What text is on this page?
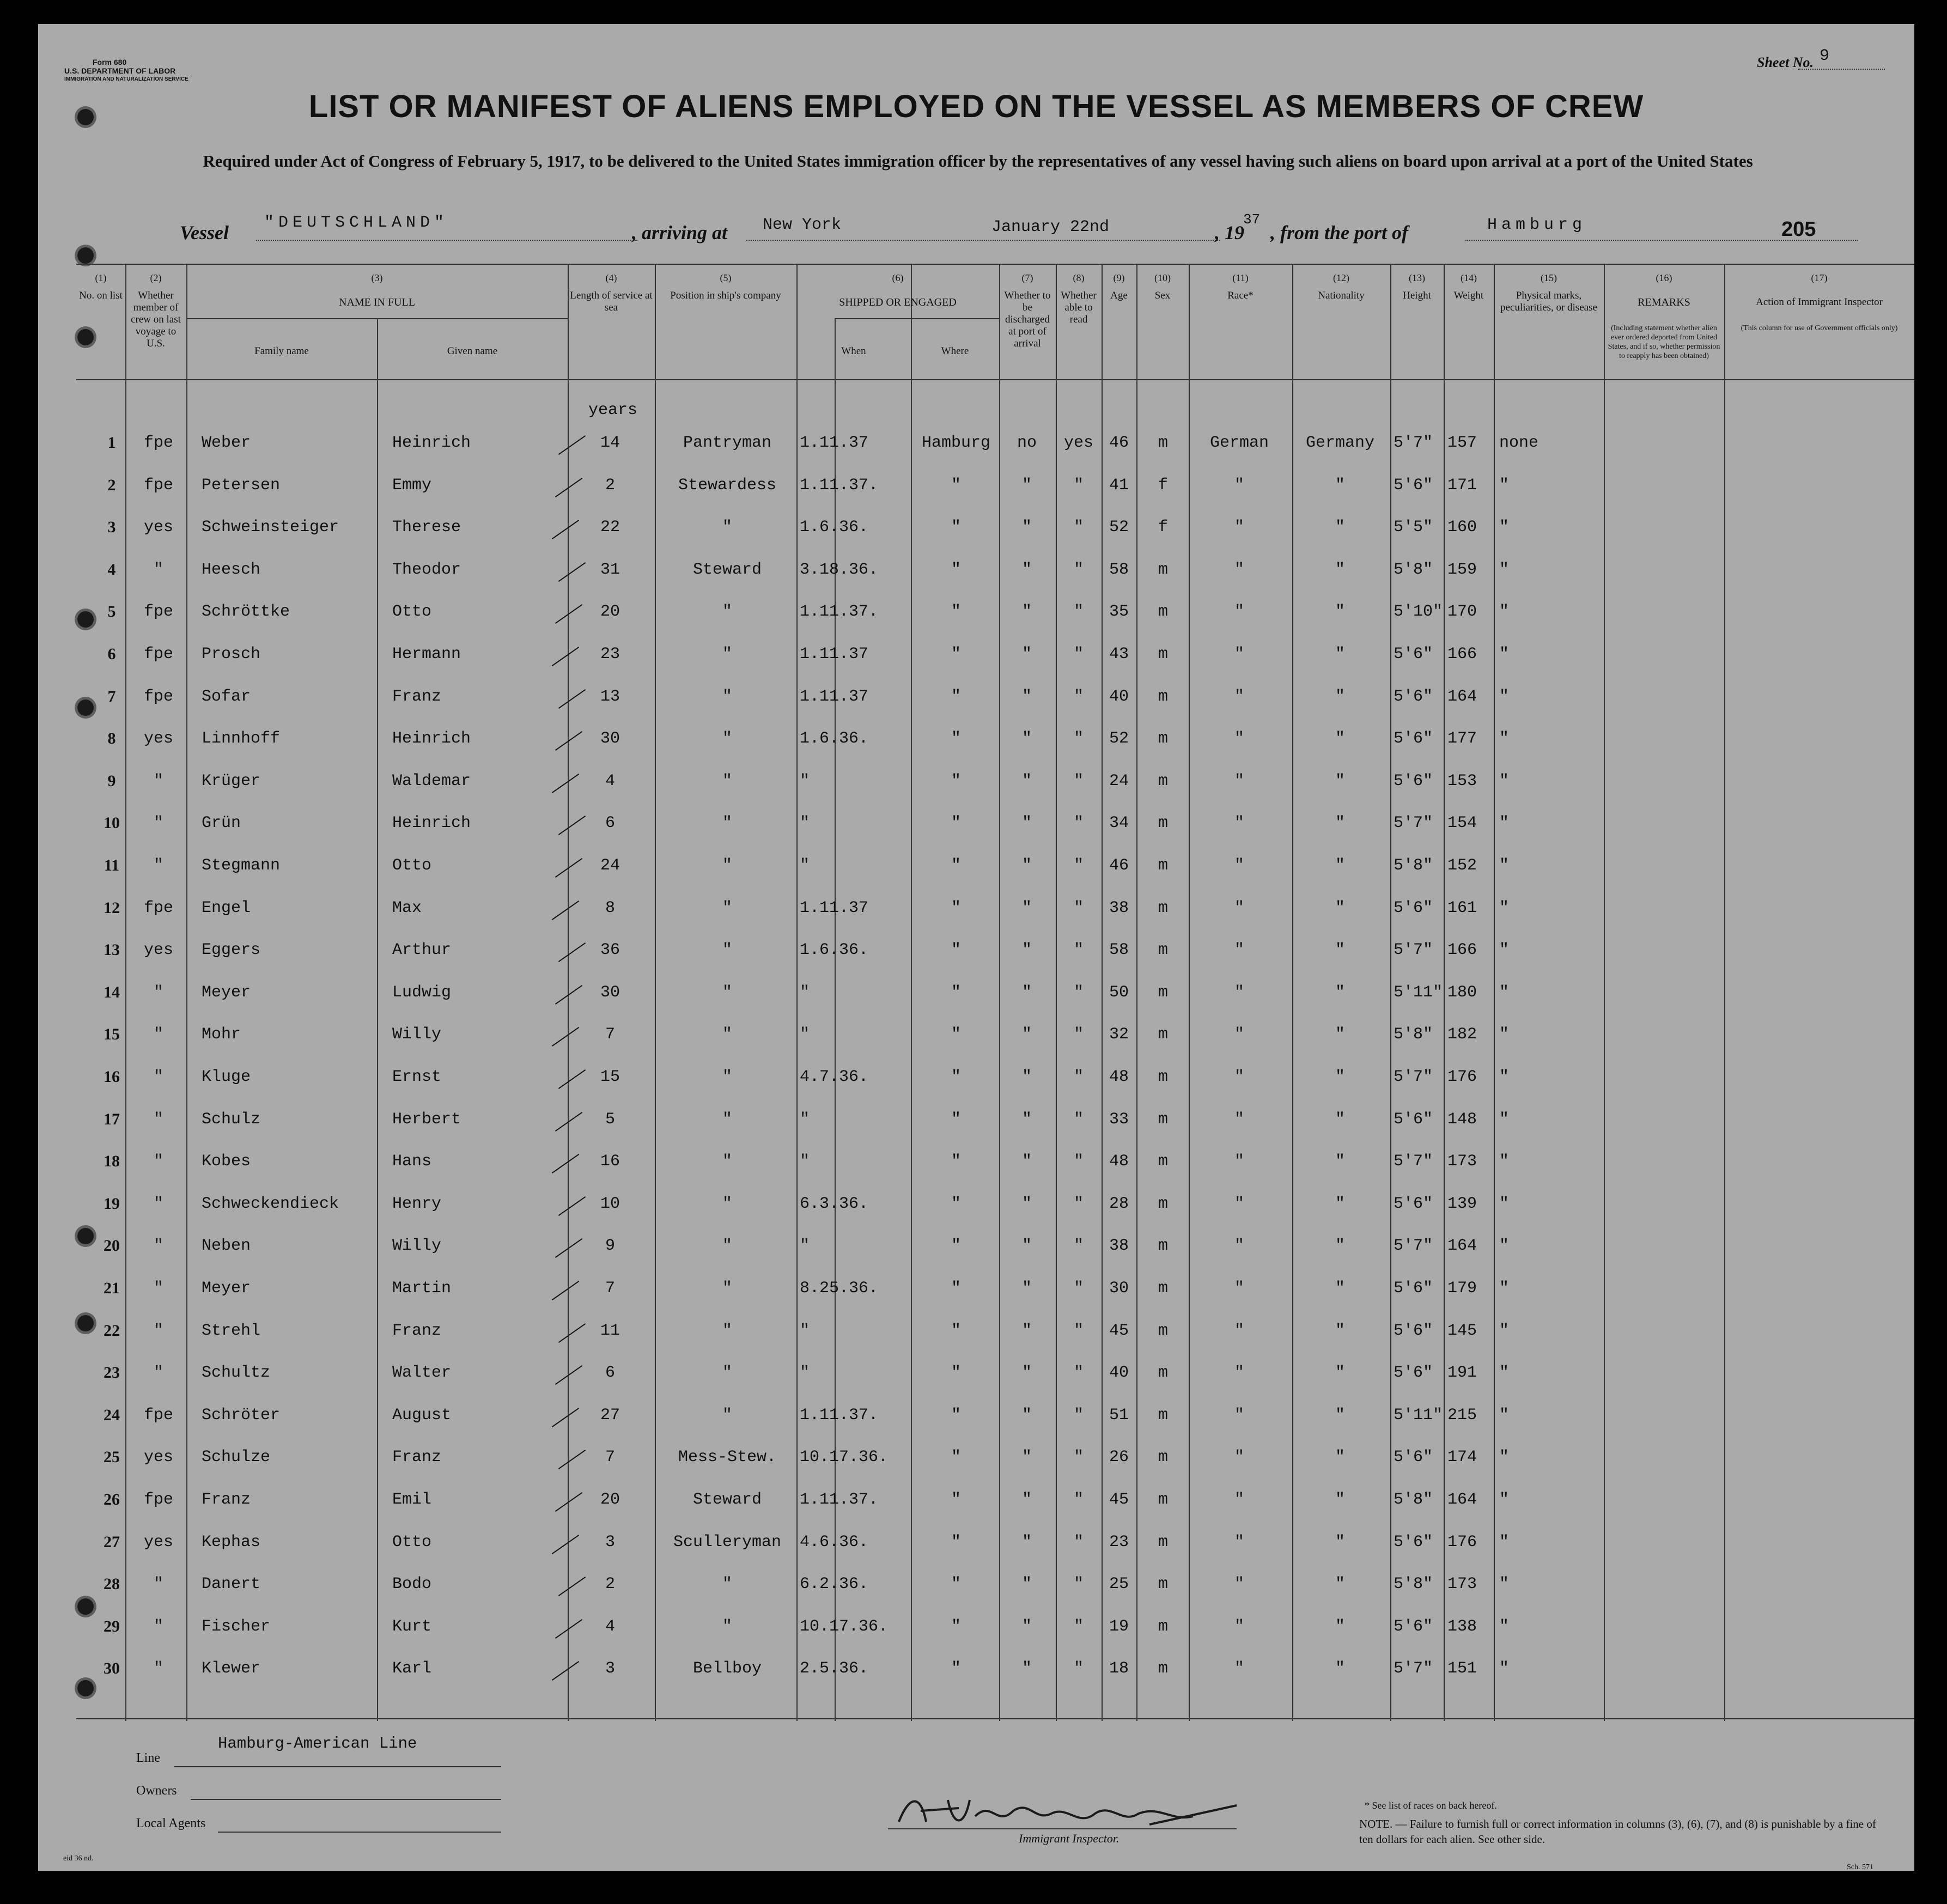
Form 680
U.S. DEPARTMENT OF LABOR
IMMIGRATION AND NATURALIZATION SERVICE
Sheet No. 9
LIST OR MANIFEST OF ALIENS EMPLOYED ON THE VESSEL AS MEMBERS OF CREW
Required under Act of Congress of February 5, 1917, to be delivered to the United States immigration officer by the representatives of any vessel having such aliens on board upon arrival at a port of the United States
Vessel "DEUTSCHLAND"	, arriving at New York	January 22nd	, 19
37
, from the port of	Hamburg	205
(1)
No. on list
(2)
Whether member of crew on last voyage to U.S.
(3)
NAME IN FULL
Family name	Given name
(4)
Length of service at sea
(5)
Position in ship's company
(6)
SHIPPED OR ENGAGED
When	Where
(7)
Whether to be discharged at port of arrival
(8)
Whether able to read
(9)
Age
(10)
Sex
(11)
Race*
(12)
Nationality
(13)
Height
(14)
Weight
(15)
Physical marks, peculiarities, or disease
(16)
REMARKS
(Including statement whether alien ever ordered deported from United States, and if so, whether permission to reapply has been obtained)
(17)
Action of Immigrant Inspector
(This column for use of Government officials only)
years
1	fpe	Weber	Heinrich	14	Pantryman	1.11.37	Hamburg	no	yes 46	m	German	Germany	5'7" 157 none
2	fpe	Petersen	Emmy	2	Stewardess	1.11.37.	"	"	"	41	f	"	"	5'6" 171 "
3	yes	Schweinsteiger	Therese	22	"	1.6.36.	"	"	"	52	f	"	"	5'5" 160 "
4	"	Heesch	Theodor	31	Steward	3.18.36.	"	"	"	58	m	"	"	5'8" 159 "
5	fpe	Schröttke	Otto	20	"	1.11.37.	"	"	"	35	m	"	"	5'10" 170 "
6	fpe	Prosch	Hermann	23	"	1.11.37	"	"	"	43	m	"	"	5'6" 166 "
7	fpe	Sofar	Franz	13	"	1.11.37	"	"	"	40	m	"	"	5'6" 164 "
8	yes	Linnhoff	Heinrich	30	"	1.6.36.	"	"	"	52	m	"	"	5'6" 177 "
9	"	Krüger	Waldemar	4	"	"	"	"	"	24	m	"	"	5'6" 153 "
10	"	Grün	Heinrich	6	"	"	"	"	"	34	m	"	"	5'7" 154 "
11	"	Stegmann	Otto	24	"	"	"	"	"	46	m	"	"	5'8" 152 "
12	fpe	Engel	Max	8	"	1.11.37	"	"	"	38	m	"	"	5'6" 161 "
13	yes	Eggers	Arthur	36	"	1.6.36.	"	"	"	58	m	"	"	5'7" 166 "
14	"	Meyer	Ludwig	30	"	"	"	"	"	50	m	"	"	5'11" 180 "
15	"	Mohr	Willy	7	"	"	"	"	"	32	m	"	"	5'8" 182 "
16	"	Kluge	Ernst	15	"	4.7.36.	"	"	"	48	m	"	"	5'7" 176 "
17	"	Schulz	Herbert	5	"	"	"	"	"	33	m	"	"	5'6" 148 "
18	"	Kobes	Hans	16	"	"	"	"	"	48	m	"	"	5'7" 173 "
19	"	Schweckendieck	Henry	10	"	6.3.36.	"	"	"	28	m	"	"	5'6" 139 "
20	"	Neben	Willy	9	"	"	"	"	"	38	m	"	"	5'7" 164 "
21	"	Meyer	Martin	7	"	8.25.36.	"	"	"	30	m	"	"	5'6" 179 "
22	"	Strehl	Franz	11	"	"	"	"	"	45	m	"	"	5'6" 145 "
23	"	Schultz	Walter	6	"	"	"	"	"	40	m	"	"	5'6" 191 "
24	fpe	Schröter	August	27	"	1.11.37.	"	"	"	51	m	"	"	5'11" 215 "
25	yes	Schulze	Franz	7	Mess-Stew.	10.17.36.	"	"	"	26	m	"	"	5'6" 174 "
26	fpe	Franz	Emil	20	Steward	1.11.37.	"	"	"	45	m	"	"	5'8" 164 "
27	yes	Kephas	Otto	3	Sculleryman	4.6.36.	"	"	"	23	m	"	"	5'6" 176 "
28	"	Danert	Bodo	2	"	6.2.36.	"	"	"	25	m	"	"	5'8" 173 "
29	"	Fischer	Kurt	4	"	10.17.36.	"	"	"	19	m	"	"	5'6" 138 "
30	"	Klewer	Karl	3	Bellboy	2.5.36.	"	"	"	18	m	"	"	5'7" 151 "
Line
Hamburg-American Line
Owners
Local Agents
Immigrant Inspector.
* See list of races on back hereof.
NOTE. — Failure to furnish full or correct information in columns (3), (6), (7), and (8) is punishable by a fine of ten dollars for each alien. See other side.
eid 36 nd.
Sch. 571
